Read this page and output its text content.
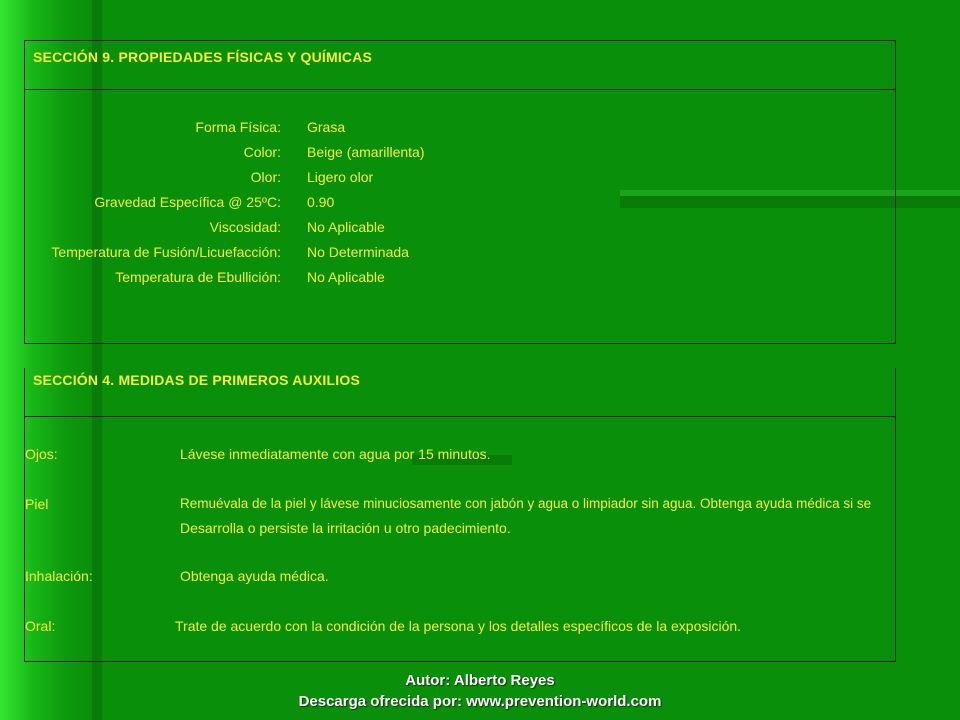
SECCIÓN 9. PROPIEDADES FÍSICAS Y QUÍMICAS
Forma Física: Grasa
Color: Beige (amarillenta)
Olor: Ligero olor
Gravedad Específica @ 25ºC: 0.90
Viscosidad: No Aplicable
Temperatura de Fusión/Licuefacción: No Determinada
Temperatura de Ebullición: No Aplicable
SECCIÓN 4. MEDIDAS DE PRIMEROS AUXILIOS
Ojos:	Lávese inmediatamente con agua por 15 minutos.
Piel	Remuévala de la piel y lávese minuciosamente con jabón y agua o limpiador sin agua. Obtenga ayuda médica si se
Desarrolla o persiste la irritación u otro padecimiento.
Inhalación:	Obtenga ayuda médica.
Oral:	Trate de acuerdo con la condición de la persona y los detalles específicos de la exposición.
Autor: Alberto Reyes
Descarga ofrecida por: www.prevention-world.com
